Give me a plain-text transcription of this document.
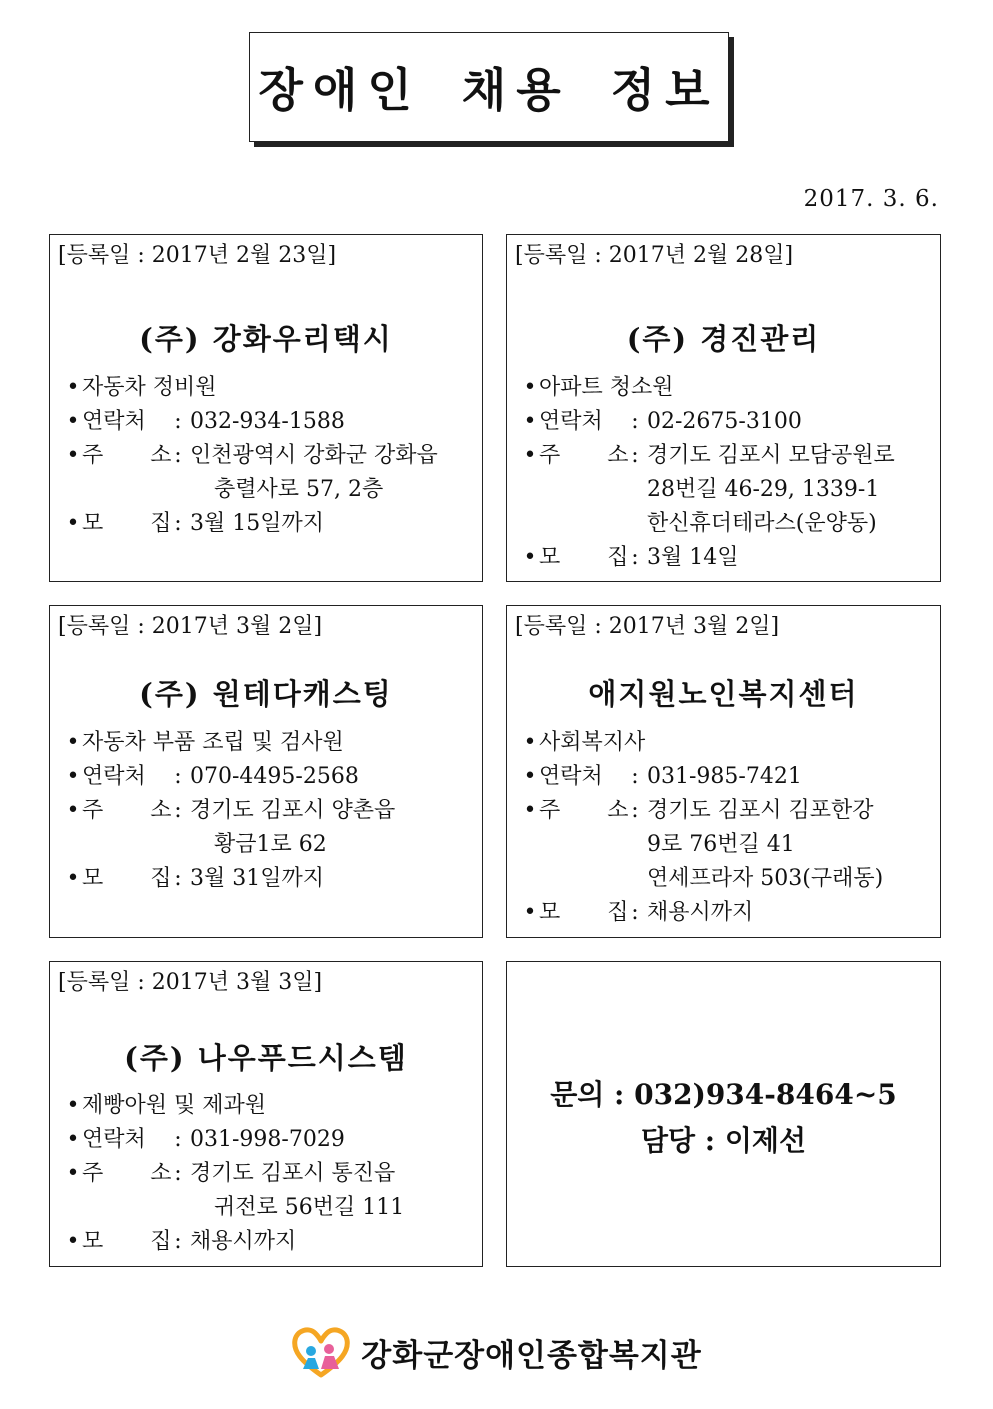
장애인 채용 정보
2017. 3. 6.
[등록일 : 2017년 2월 23일]
(주) 강화우리택시
• 자동차 정비원
• 연락처	: 032-934-1588
• 주 소 : 인천광역시 강화군 강화읍
충렬사로 57, 2층
• 모 집 : 3월 15일까지
[등록일 : 2017년 2월 28일]
(주) 경진관리
• 아파트 청소원
• 연락처	: 02-2675-3100
• 주 소 : 경기도 김포시 모담공원로
28번길 46-29, 1339-1
한신휴더테라스(운양동)
• 모 집 : 3월 14일
[등록일 : 2017년 3월 2일]
(주) 원테다캐스팅
• 자동차 부품 조립 및 검사원
• 연락처	: 070-4495-2568
• 주 소 : 경기도 김포시 양촌읍
황금1로 62
• 모 집 : 3월 31일까지
[등록일 : 2017년 3월 2일]
애지원노인복지센터
• 사회복지사
• 연락처	: 031-985-7421
• 주 소 : 경기도 김포시 김포한강
9로 76번길 41
연세프라자 503(구래동)
• 모 집 : 채용시까지
[등록일 : 2017년 3월 3일]
(주) 나우푸드시스템
• 제빵아원 및 제과원
• 연락처	: 031-998-7029
• 주 소 : 경기도 김포시 통진읍
귀전로 56번길 111
• 모 집 : 채용시까지
문의 : 032)934-8464~5
담당 : 이제선
강화군장애인종합복지관
